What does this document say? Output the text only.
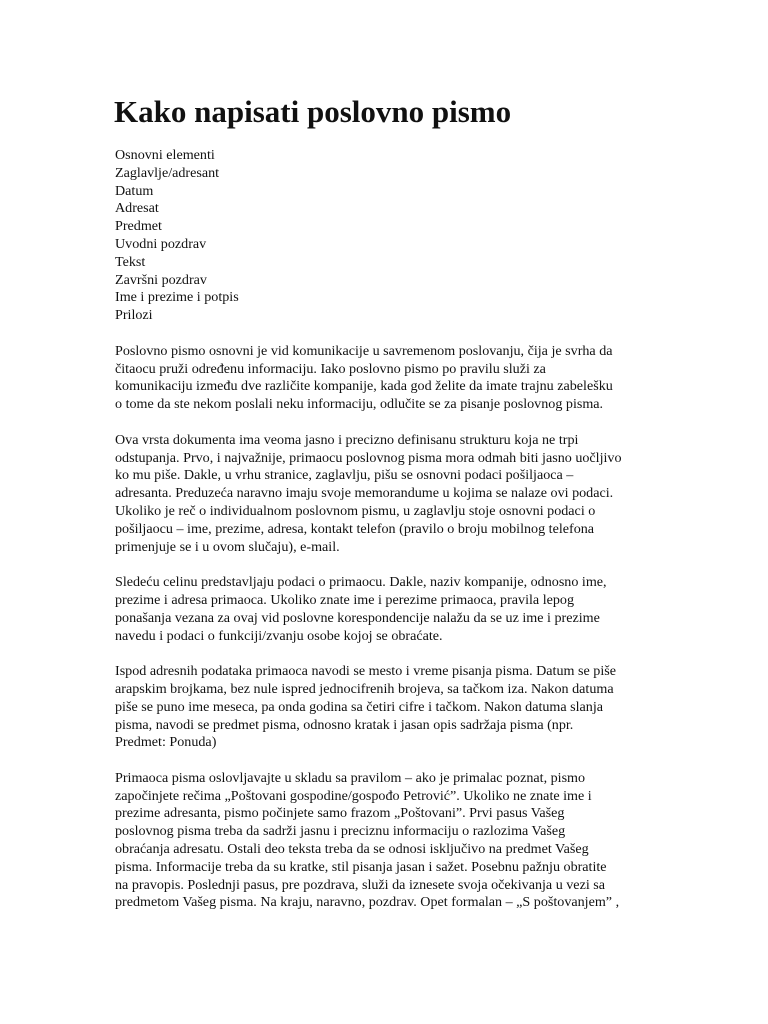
Kako napisati poslovno pismo
Osnovni elementi
Zaglavlje/adresant
Datum
Adresat
Predmet
Uvodni pozdrav
Tekst
Završni pozdrav
Ime i prezime i potpis
Prilozi

Poslovno pismo osnovni je vid komunikacije u savremenom poslovanju, čija je svrha da
čitaocu pruži određenu informaciju. Iako poslovno pismo po pravilu služi za
komunikaciju između dve različite kompanije, kada god želite da imate trajnu zabelešku
o tome da ste nekom poslali neku informaciju, odlučite se za pisanje poslovnog pisma.

Ova vrsta dokumenta ima veoma jasno i precizno definisanu strukturu koja ne trpi
odstupanja. Prvo, i najvažnije, primaocu poslovnog pisma mora odmah biti jasno uočljivo
ko mu piše. Dakle, u vrhu stranice, zaglavlju, pišu se osnovni podaci pošiljaoca –
adresanta. Preduzeća naravno imaju svoje memorandume u kojima se nalaze ovi podaci.
Ukoliko je reč o individualnom poslovnom pismu, u zaglavlju stoje osnovni podaci o
pošiljaocu – ime, prezime, adresa, kontakt telefon (pravilo o broju mobilnog telefona
primenjuje se i u ovom slučaju), e-mail.

Sledeću celinu predstavljaju podaci o primaocu. Dakle, naziv kompanije, odnosno ime,
prezime i adresa primaoca. Ukoliko znate ime i perezime primaoca, pravila lepog
ponašanja vezana za ovaj vid poslovne korespondencije nalažu da se uz ime i prezime
navedu i podaci o funkciji/zvanju osobe kojoj se obraćate.

Ispod adresnih podataka primaoca navodi se mesto i vreme pisanja pisma. Datum se piše
arapskim brojkama, bez nule ispred jednocifrenih brojeva, sa tačkom iza. Nakon datuma
piše se puno ime meseca, pa onda godina sa četiri cifre i tačkom. Nakon datuma slanja
pisma, navodi se predmet pisma, odnosno kratak i jasan opis sadržaja pisma (npr.
Predmet: Ponuda)

Primaoca pisma oslovljavajte u skladu sa pravilom – ako je primalac poznat, pismo
započinjete rečima „Poštovani gospodine/gospođo Petrović”. Ukoliko ne znate ime i
prezime adresanta, pismo počinjete samo frazom „Poštovani”. Prvi pasus Vašeg
poslovnog pisma treba da sadrži jasnu i preciznu informaciju o razlozima Vašeg
obraćanja adresatu. Ostali deo teksta treba da se odnosi isključivo na predmet Vašeg
pisma. Informacije treba da su kratke, stil pisanja jasan i sažet. Posebnu pažnju obratite
na pravopis. Poslednji pasus, pre pozdrava, služi da iznesete svoja očekivanja u vezi sa
predmetom Vašeg pisma. Na kraju, naravno, pozdrav. Opet formalan – „S poštovanjem” ,
